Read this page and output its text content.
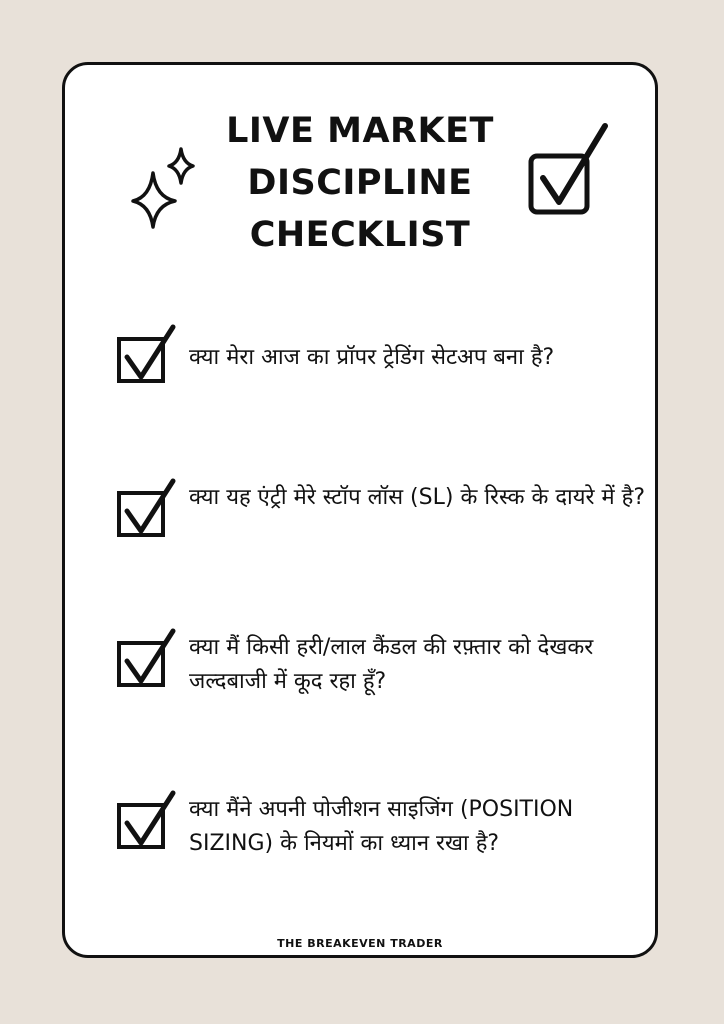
LIVE MARKET
DISCIPLINE
CHECKLIST
क्या मेरा आज का प्रॉपर ट्रेडिंग सेटअप बना है?
क्या यह एंट्री मेरे स्टॉप लॉस (SL) के रिस्क के दायरे में है?
क्या मैं किसी हरी/लाल कैंडल की रफ़्तार को देखकर जल्दबाजी में कूद रहा हूँ?
क्या मैंने अपनी पोजीशन साइजिंग (POSITION SIZING) के नियमों का ध्यान रखा है?
THE BREAKEVEN TRADER
